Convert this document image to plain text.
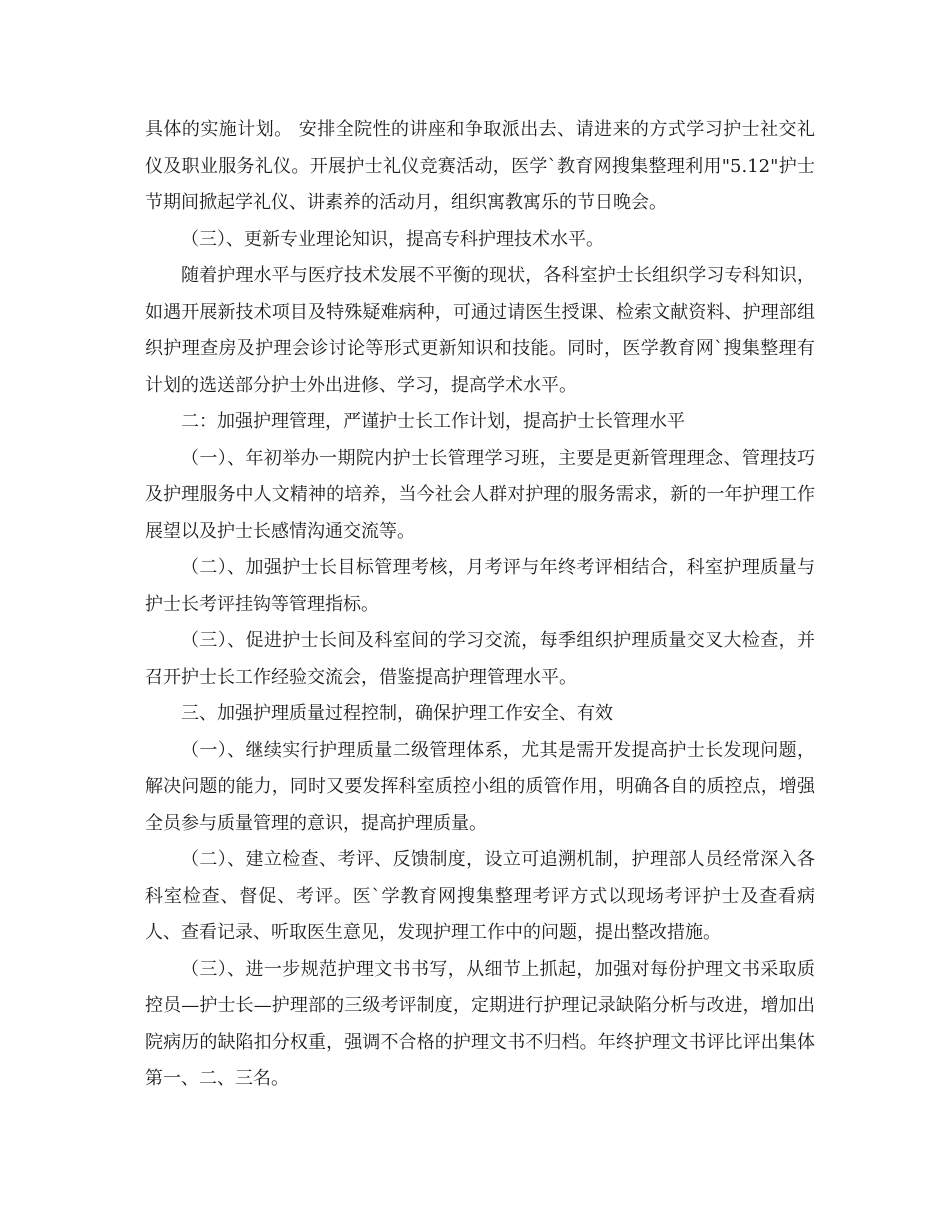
具体的实施计划。 安排全院性的讲座和争取派出去、请进来的方式学习护士社交礼仪及职业服务礼仪。开展护士礼仪竞赛活动，医学`教育网搜集整理利用"5.12"护士节期间掀起学礼仪、讲素养的活动月，组织寓教寓乐的节日晚会。

（三）、更新专业理论知识，提高专科护理技术水平。

随着护理水平与医疗技术发展不平衡的现状，各科室护士长组织学习专科知识，如遇开展新技术项目及特殊疑难病种，可通过请医生授课、检索文献资料、护理部组织护理查房及护理会诊讨论等形式更新知识和技能。同时，医学教育网`搜集整理有计划的选送部分护士外出进修、学习，提高学术水平。

二：加强护理管理，严谨护士长工作计划，提高护士长管理水平

（一）、年初举办一期院内护士长管理学习班，主要是更新管理理念、管理技巧及护理服务中人文精神的培养，当今社会人群对护理的服务需求，新的一年护理工作展望以及护士长感情沟通交流等。

（二）、加强护士长目标管理考核，月考评与年终考评相结合，科室护理质量与护士长考评挂钩等管理指标。

（三）、促进护士长间及科室间的学习交流，每季组织护理质量交叉大检查，并召开护士长工作经验交流会，借鉴提高护理管理水平。

三、加强护理质量过程控制，确保护理工作安全、有效

（一）、继续实行护理质量二级管理体系，尤其是需开发提高护士长发现问题，解决问题的能力，同时又要发挥科室质控小组的质管作用，明确各自的质控点，增强全员参与质量管理的意识，提高护理质量。

（二）、建立检查、考评、反馈制度，设立可追溯机制，护理部人员经常深入各科室检查、督促、考评。医`学教育网搜集整理考评方式以现场考评护士及查看病人、查看记录、听取医生意见，发现护理工作中的问题，提出整改措施。

（三）、进一步规范护理文书书写，从细节上抓起，加强对每份护理文书采取质控员—护士长—护理部的三级考评制度，定期进行护理记录缺陷分析与改进，增加出院病历的缺陷扣分权重，强调不合格的护理文书不归档。年终护理文书评比评出集体第一、二、三名。
